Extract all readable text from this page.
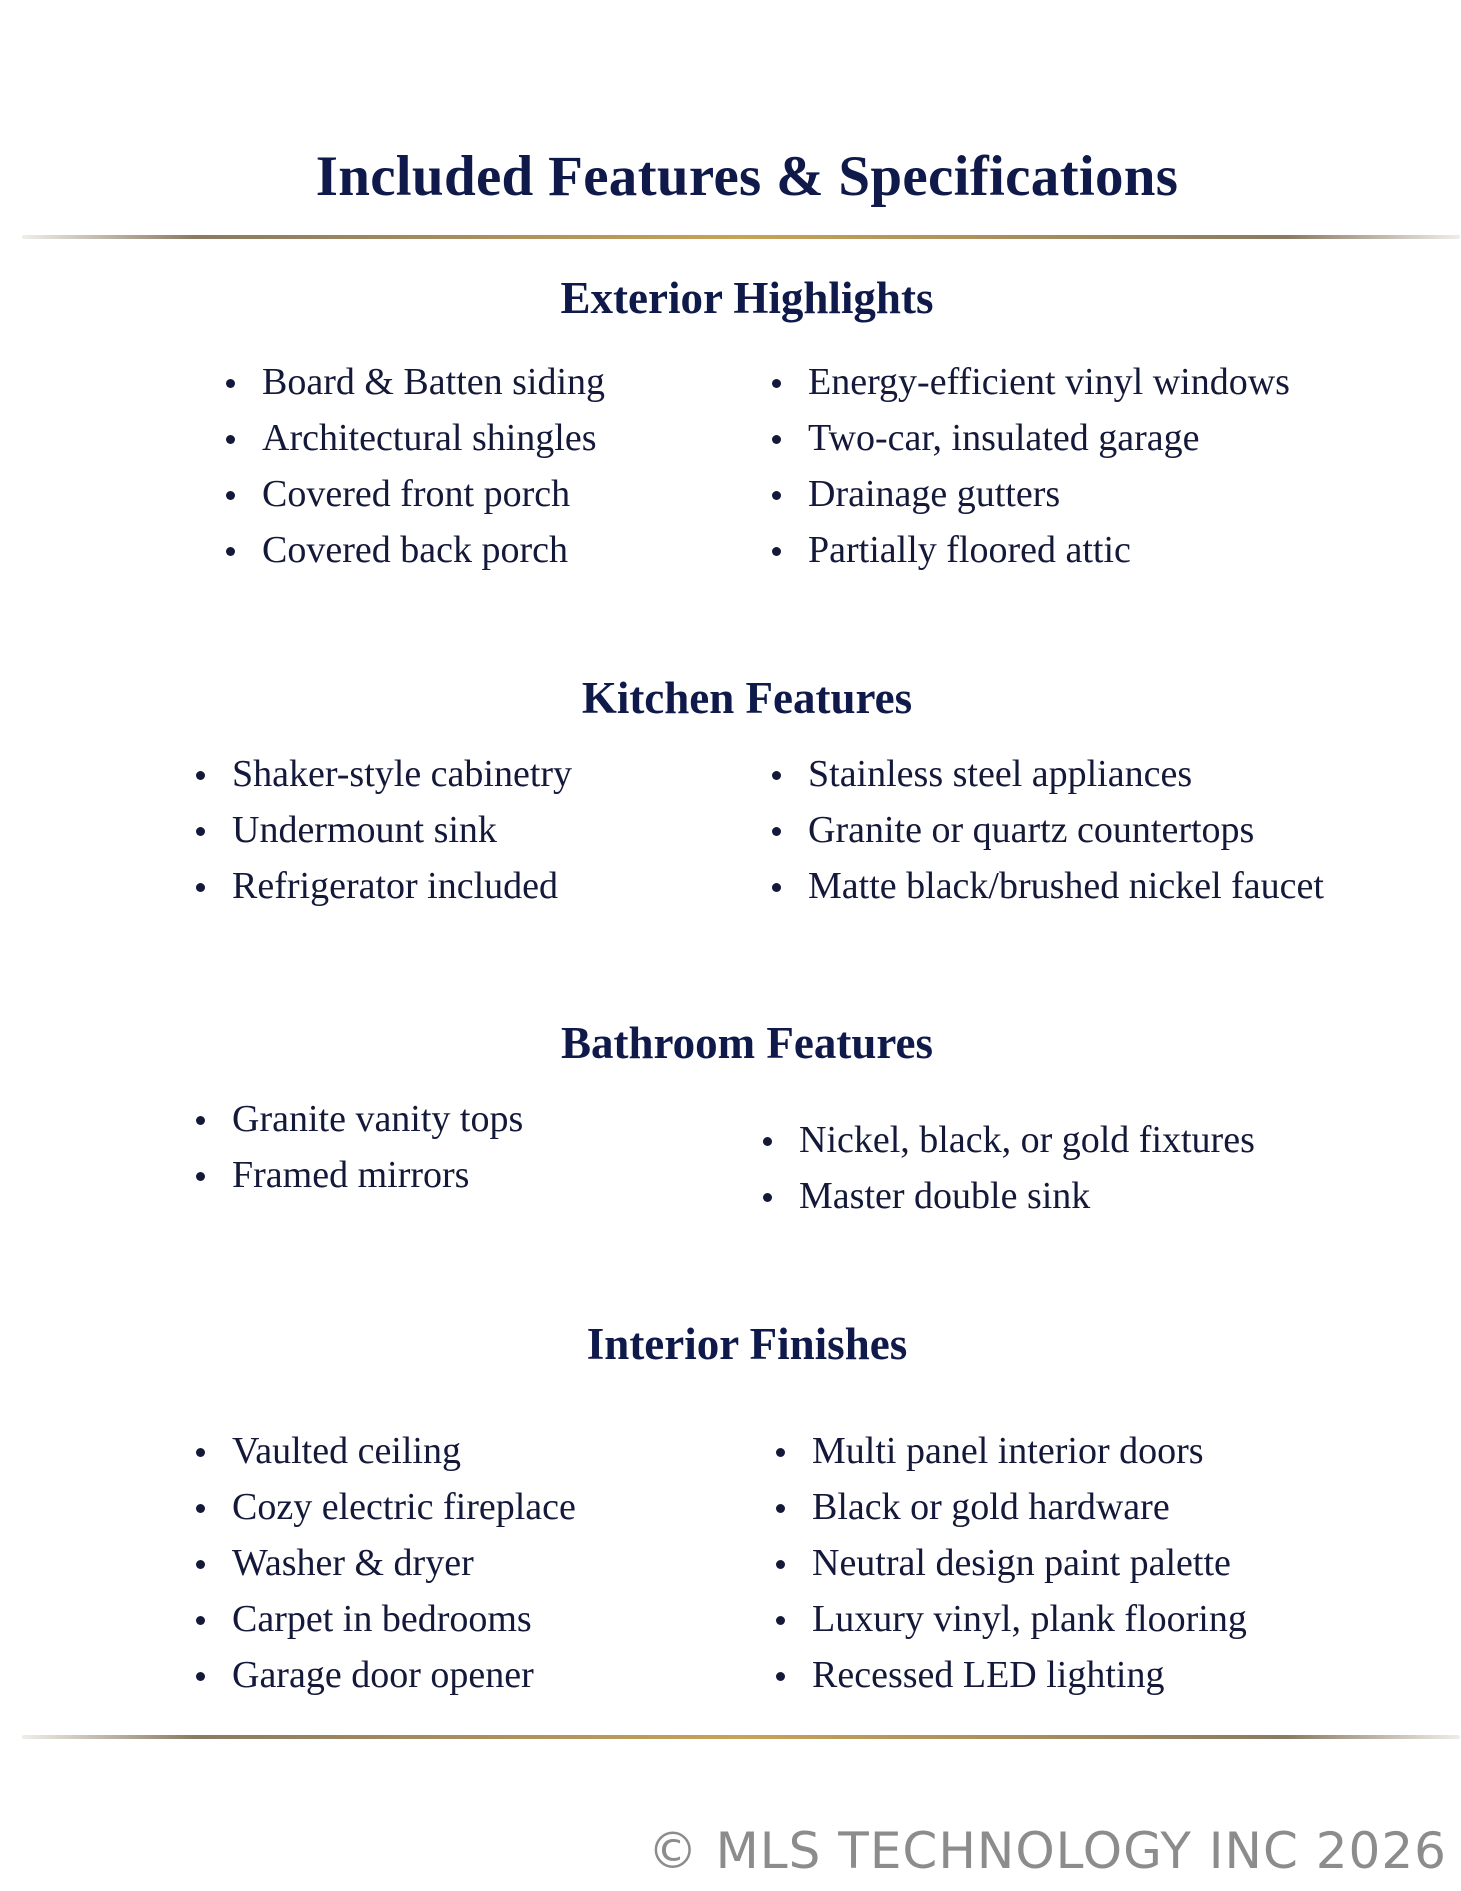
Included Features & Specifications
Exterior Highlights
Board & Batten siding
Architectural shingles
Covered front porch
Covered back porch
Energy-efficient vinyl windows
Two-car, insulated garage
Drainage gutters
Partially floored attic
Kitchen Features
Shaker-style cabinetry
Undermount sink
Refrigerator included
Stainless steel appliances
Granite or quartz countertops
Matte black/brushed nickel faucet
Bathroom Features
Granite vanity tops
Framed mirrors
Nickel, black, or gold fixtures
Master double sink
Interior Finishes
Vaulted ceiling
Cozy electric fireplace
Washer & dryer
Carpet in bedrooms
Garage door opener
Multi panel interior doors
Black or gold hardware
Neutral design paint palette
Luxury vinyl, plank flooring
Recessed LED lighting
© MLS TECHNOLOGY INC 2026
